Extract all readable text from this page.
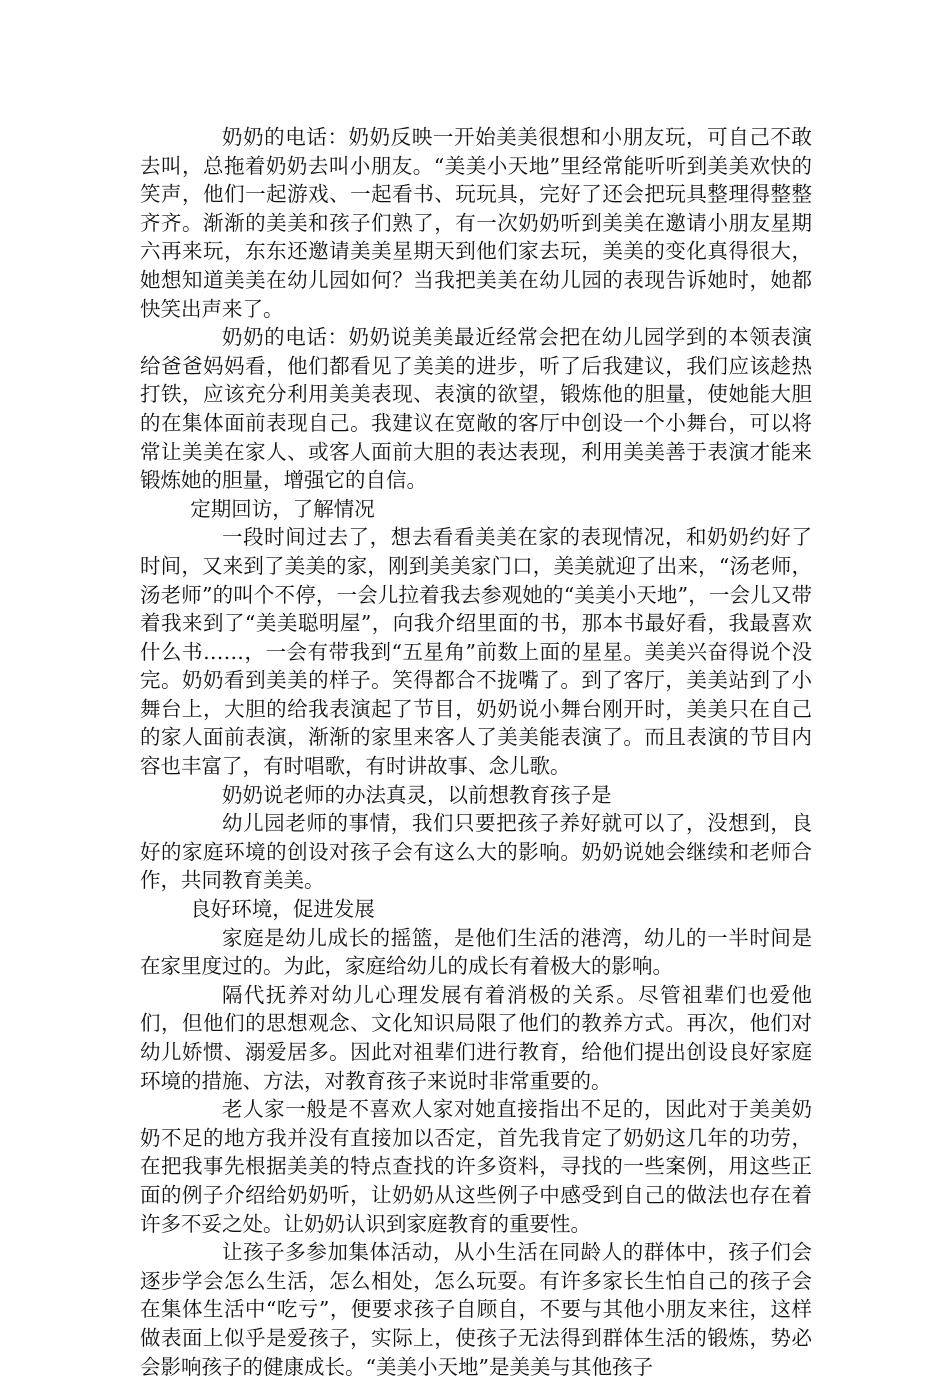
奶奶的电话：奶奶反映一开始美美很想和小朋友玩，可自己不敢去叫，总拖着奶奶去叫小朋友。“美美小天地”里经常能听听到美美欢快的笑声，他们一起游戏、一起看书、玩玩具，完好了还会把玩具整理得整整齐齐。渐渐的美美和孩子们熟了，有一次奶奶听到美美在邀请小朋友星期六再来玩，东东还邀请美美星期天到他们家去玩，美美的变化真得很大，她想知道美美在幼儿园如何？当我把美美在幼儿园的表现告诉她时，她都快笑出声来了。

奶奶的电话：奶奶说美美最近经常会把在幼儿园学到的本领表演给爸爸妈妈看，他们都看见了美美的进步，听了后我建议，我们应该趁热打铁，应该充分利用美美表现、表演的欲望，锻炼他的胆量，使她能大胆的在集体面前表现自己。我建议在宽敞的客厅中创设一个小舞台，可以将常让美美在家人、或客人面前大胆的表达表现，利用美美善于表演才能来锻炼她的胆量，增强它的自信。

定期回访，了解情况

一段时间过去了，想去看看美美在家的表现情况，和奶奶约好了时间，又来到了美美的家，刚到美美家门口，美美就迎了出来，“汤老师，汤老师”的叫个不停，一会儿拉着我去参观她的“美美小天地”，一会儿又带着我来到了“美美聪明屋”，向我介绍里面的书，那本书最好看，我最喜欢什么书……，一会有带我到“五星角”前数上面的星星。美美兴奋得说个没完。奶奶看到美美的样子。笑得都合不拢嘴了。到了客厅，美美站到了小舞台上，大胆的给我表演起了节目，奶奶说小舞台刚开时，美美只在自己的家人面前表演，渐渐的家里来客人了美美能表演了。而且表演的节目内容也丰富了，有时唱歌，有时讲故事、念儿歌。

奶奶说老师的办法真灵，以前想教育孩子是

幼儿园老师的事情，我们只要把孩子养好就可以了，没想到，良好的家庭环境的创设对孩子会有这么大的影响。奶奶说她会继续和老师合作，共同教育美美。

良好环境，促进发展

家庭是幼儿成长的摇篮，是他们生活的港湾，幼儿的一半时间是在家里度过的。为此，家庭给幼儿的成长有着极大的影响。

隔代抚养对幼儿心理发展有着消极的关系。尽管祖辈们也爱他们，但他们的思想观念、文化知识局限了他们的教养方式。再次，他们对幼儿娇惯、溺爱居多。因此对祖辈们进行教育，给他们提出创设良好家庭环境的措施、方法，对教育孩子来说时非常重要的。

老人家一般是不喜欢人家对她直接指出不足的，因此对于美美奶奶不足的地方我并没有直接加以否定，首先我肯定了奶奶这几年的功劳，在把我事先根据美美的特点查找的许多资料，寻找的一些案例，用这些正面的例子介绍给奶奶听，让奶奶从这些例子中感受到自己的做法也存在着许多不妥之处。让奶奶认识到家庭教育的重要性。

让孩子多参加集体活动，从小生活在同龄人的群体中，孩子们会逐步学会怎么生活，怎么相处，怎么玩耍。有许多家长生怕自己的孩子会在集体生活中“吃亏”，便要求孩子自顾自，不要与其他小朋友来往，这样做表面上似乎是爱孩子，实际上，使孩子无法得到群体生活的锻炼，势必会影响孩子的健康成长。“美美小天地”是美美与其他孩子
